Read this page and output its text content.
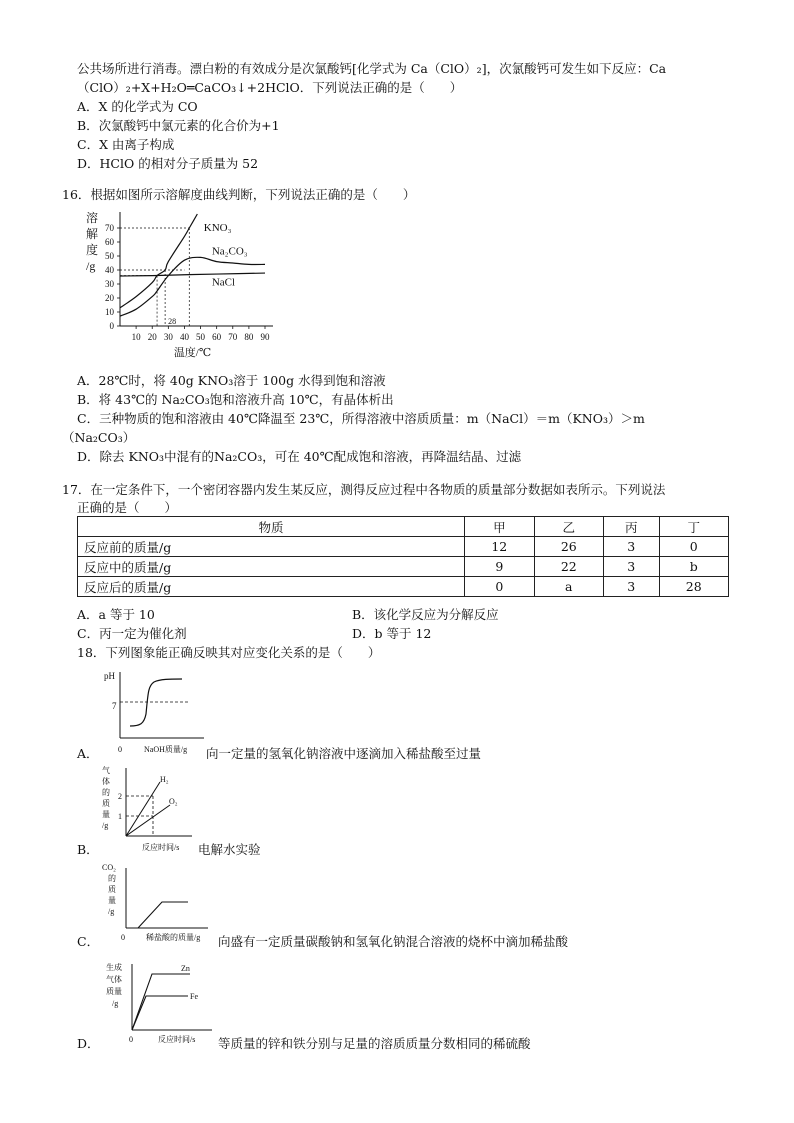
公共场所进行消毒。漂白粉的有效成分是次氯酸钙[化学式为 Ca（ClO）₂]，次氯酸钙可发生如下反应：Ca
（ClO）₂+X+H₂O═CaCO₃↓+2HClO．下列说法正确的是（　　）
A．X 的化学式为 CO
B．次氯酸钙中氯元素的化合价为+1
C．X 由离子构成
D．HClO 的相对分子质量为 52
16．根据如图所示溶解度曲线判断，下列说法正确的是（　　）
0
10
20
30
40
50
60
70
10 20 30 40 50 60 70 80 90
溶
解
度
/g
温度/℃
28
KNO₃
Na₂CO₃
NaCl
A．28℃时，将 40g KNO₃溶于 100g 水得到饱和溶液
B．将 43℃的 Na₂CO₃饱和溶液升高 10℃，有晶体析出
C．三种物质的饱和溶液由 40℃降温至 23℃，所得溶液中溶质质量：m（NaCl）＝m（KNO₃）＞m
（Na₂CO₃）
D．除去 KNO₃中混有的Na₂CO₃，可在 40℃配成饱和溶液，再降温结晶、过滤
17．在一定条件下，一个密闭容器内发生某反应，测得反应过程中各物质的质量部分数据如表所示。下列说法
正确的是（　　）
物质	甲	乙	丙	丁
反应前的质量/g	12	26	3	0
反应中的质量/g	9	22	3	b
反应后的质量/g	0	a	3	28
A．a 等于 10	B．该化学反应为分解反应
C．丙一定为催化剂	D．b 等于 12
18．下列图象能正确反映其对应变化关系的是（　　）
pH
7
0	NaOH质量/g
A．	向一定量的氢氧化钠溶液中逐滴加入稀盐酸至过量
气
体
的
质
量
/g
2
1
H₂
O₂
反应时间/s
B．	电解水实验
CO₂
的
质
量
/g
0	稀盐酸的质量/g
C．	向盛有一定质量碳酸钠和氢氧化钠混合溶液的烧杯中滴加稀盐酸
生成
气体
质量
/g
Zn
Fe
0	反应时间/s
D．	等质量的锌和铁分别与足量的溶质质量分数相同的稀硫酸
